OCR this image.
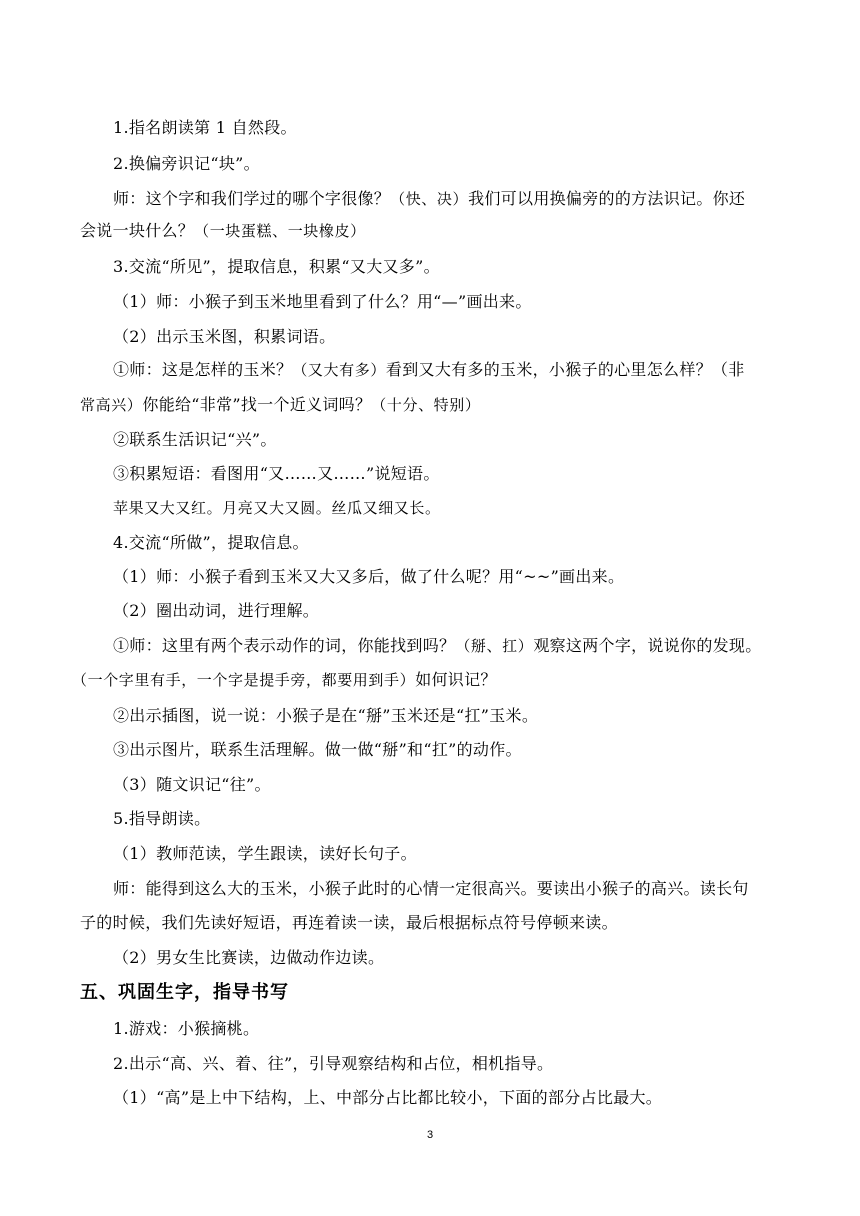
1.指名朗读第 1 自然段。
2.换偏旁识记“块”。
师：这个字和我们学过的哪个字很像？（快、决）我们可以用换偏旁的的方法识记。你还
会说一块什么？（一块蛋糕、一块橡皮）
3.交流“所见”，提取信息，积累“又大又多”。
（1）师：小猴子到玉米地里看到了什么？用“—”画出来。
（2）出示玉米图，积累词语。
①师：这是怎样的玉米？（又大有多）看到又大有多的玉米，小猴子的心里怎么样？（非
常高兴）你能给“非常”找一个近义词吗？（十分、特别）
②联系生活识记“兴”。
③积累短语：看图用“又……又……”说短语。
苹果又大又红。月亮又大又圆。丝瓜又细又长。
4.交流“所做”，提取信息。
（1）师：小猴子看到玉米又大又多后，做了什么呢？用“~~”画出来。
（2）圈出动词，进行理解。
①师：这里有两个表示动作的词，你能找到吗？（掰、扛）观察这两个字，说说你的发现。
（一个字里有手，一个字是提手旁，都要用到手）如何识记？
②出示插图，说一说：小猴子是在“掰”玉米还是“扛”玉米。
③出示图片，联系生活理解。做一做“掰”和“扛”的动作。
（3）随文识记“往”。
5.指导朗读。
（1）教师范读，学生跟读，读好长句子。
师：能得到这么大的玉米，小猴子此时的心情一定很高兴。要读出小猴子的高兴。读长句
子的时候，我们先读好短语，再连着读一读，最后根据标点符号停顿来读。
（2）男女生比赛读，边做动作边读。
五、巩固生字，指导书写
1.游戏：小猴摘桃。
2.出示“高、兴、着、往”，引导观察结构和占位，相机指导。
（1）“高”是上中下结构，上、中部分占比都比较小，下面的部分占比最大。
3
